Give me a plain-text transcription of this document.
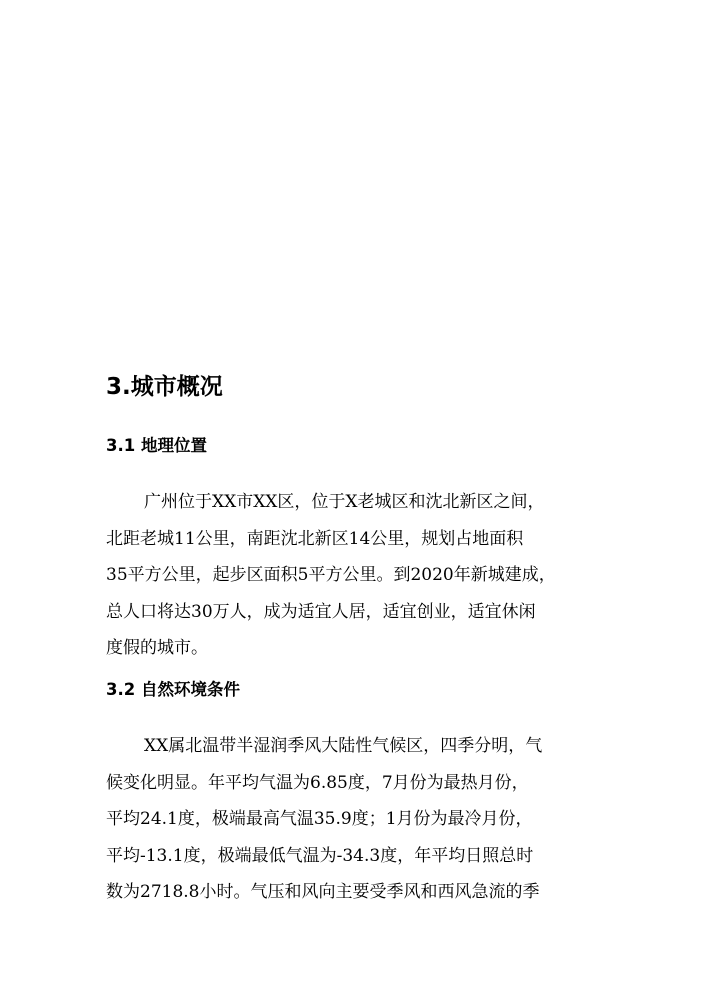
3.城市概况
3.1 地理位置
广州位于XX市XX区，位于X老城区和沈北新区之间，
北距老城11公里，南距沈北新区14公里，规划占地面积
35平方公里，起步区面积5平方公里。到2020年新城建成，
总人口将达30万人，成为适宜人居，适宜创业，适宜休闲
度假的城市。
3.2 自然环境条件
XX属北温带半湿润季风大陆性气候区，四季分明，气
候变化明显。年平均气温为6.85度，7月份为最热月份，
平均24.1度，极端最高气温35.9度；1月份为最冷月份，
平均-13.1度，极端最低气温为-34.3度，年平均日照总时
数为2718.8小时。气压和风向主要受季风和西风急流的季
